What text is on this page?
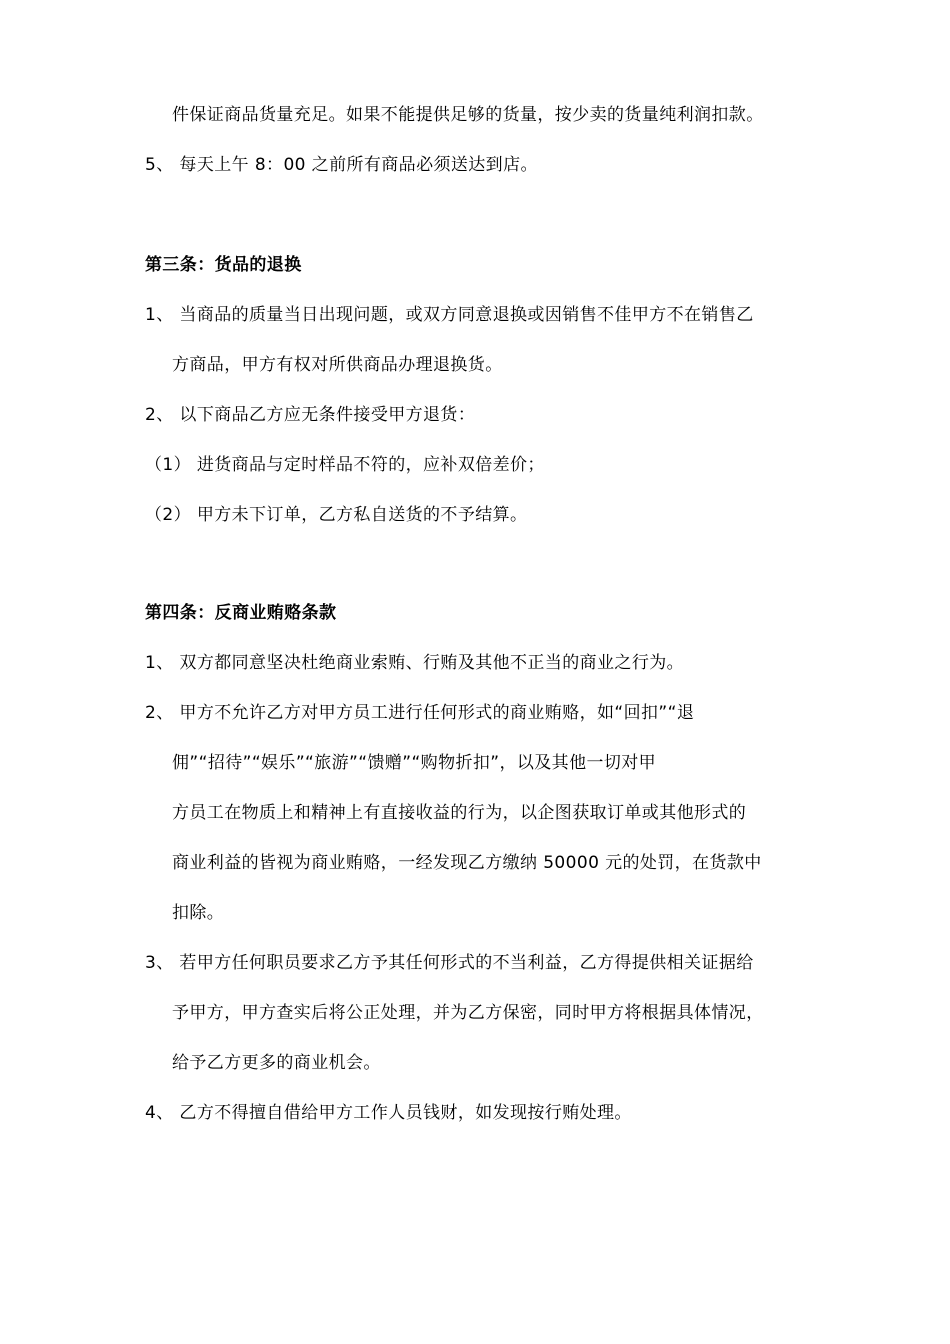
件保证商品货量充足。如果不能提供足够的货量，按少卖的货量纯利润扣款。
5、 每天上午 8：00 之前所有商品必须送达到店。
第三条：货品的退换
1、 当商品的质量当日出现问题，或双方同意退换或因销售不佳甲方不在销售乙
方商品，甲方有权对所供商品办理退换货。
2、 以下商品乙方应无条件接受甲方退货：
（1） 进货商品与定时样品不符的，应补双倍差价；
（2） 甲方未下订单，乙方私自送货的不予结算。
第四条：反商业贿赂条款
1、 双方都同意坚决杜绝商业索贿、行贿及其他不正当的商业之行为。
2、 甲方不允许乙方对甲方员工进行任何形式的商业贿赂，如“回扣”“退
佣”“招待”“娱乐”“旅游”“馈赠”“购物折扣”，以及其他一切对甲
方员工在物质上和精神上有直接收益的行为，以企图获取订单或其他形式的
商业利益的皆视为商业贿赂，一经发现乙方缴纳 50000 元的处罚，在货款中
扣除。
3、 若甲方任何职员要求乙方予其任何形式的不当利益，乙方得提供相关证据给
予甲方，甲方查实后将公正处理，并为乙方保密，同时甲方将根据具体情况，
给予乙方更多的商业机会。
4、 乙方不得擅自借给甲方工作人员钱财，如发现按行贿处理。
